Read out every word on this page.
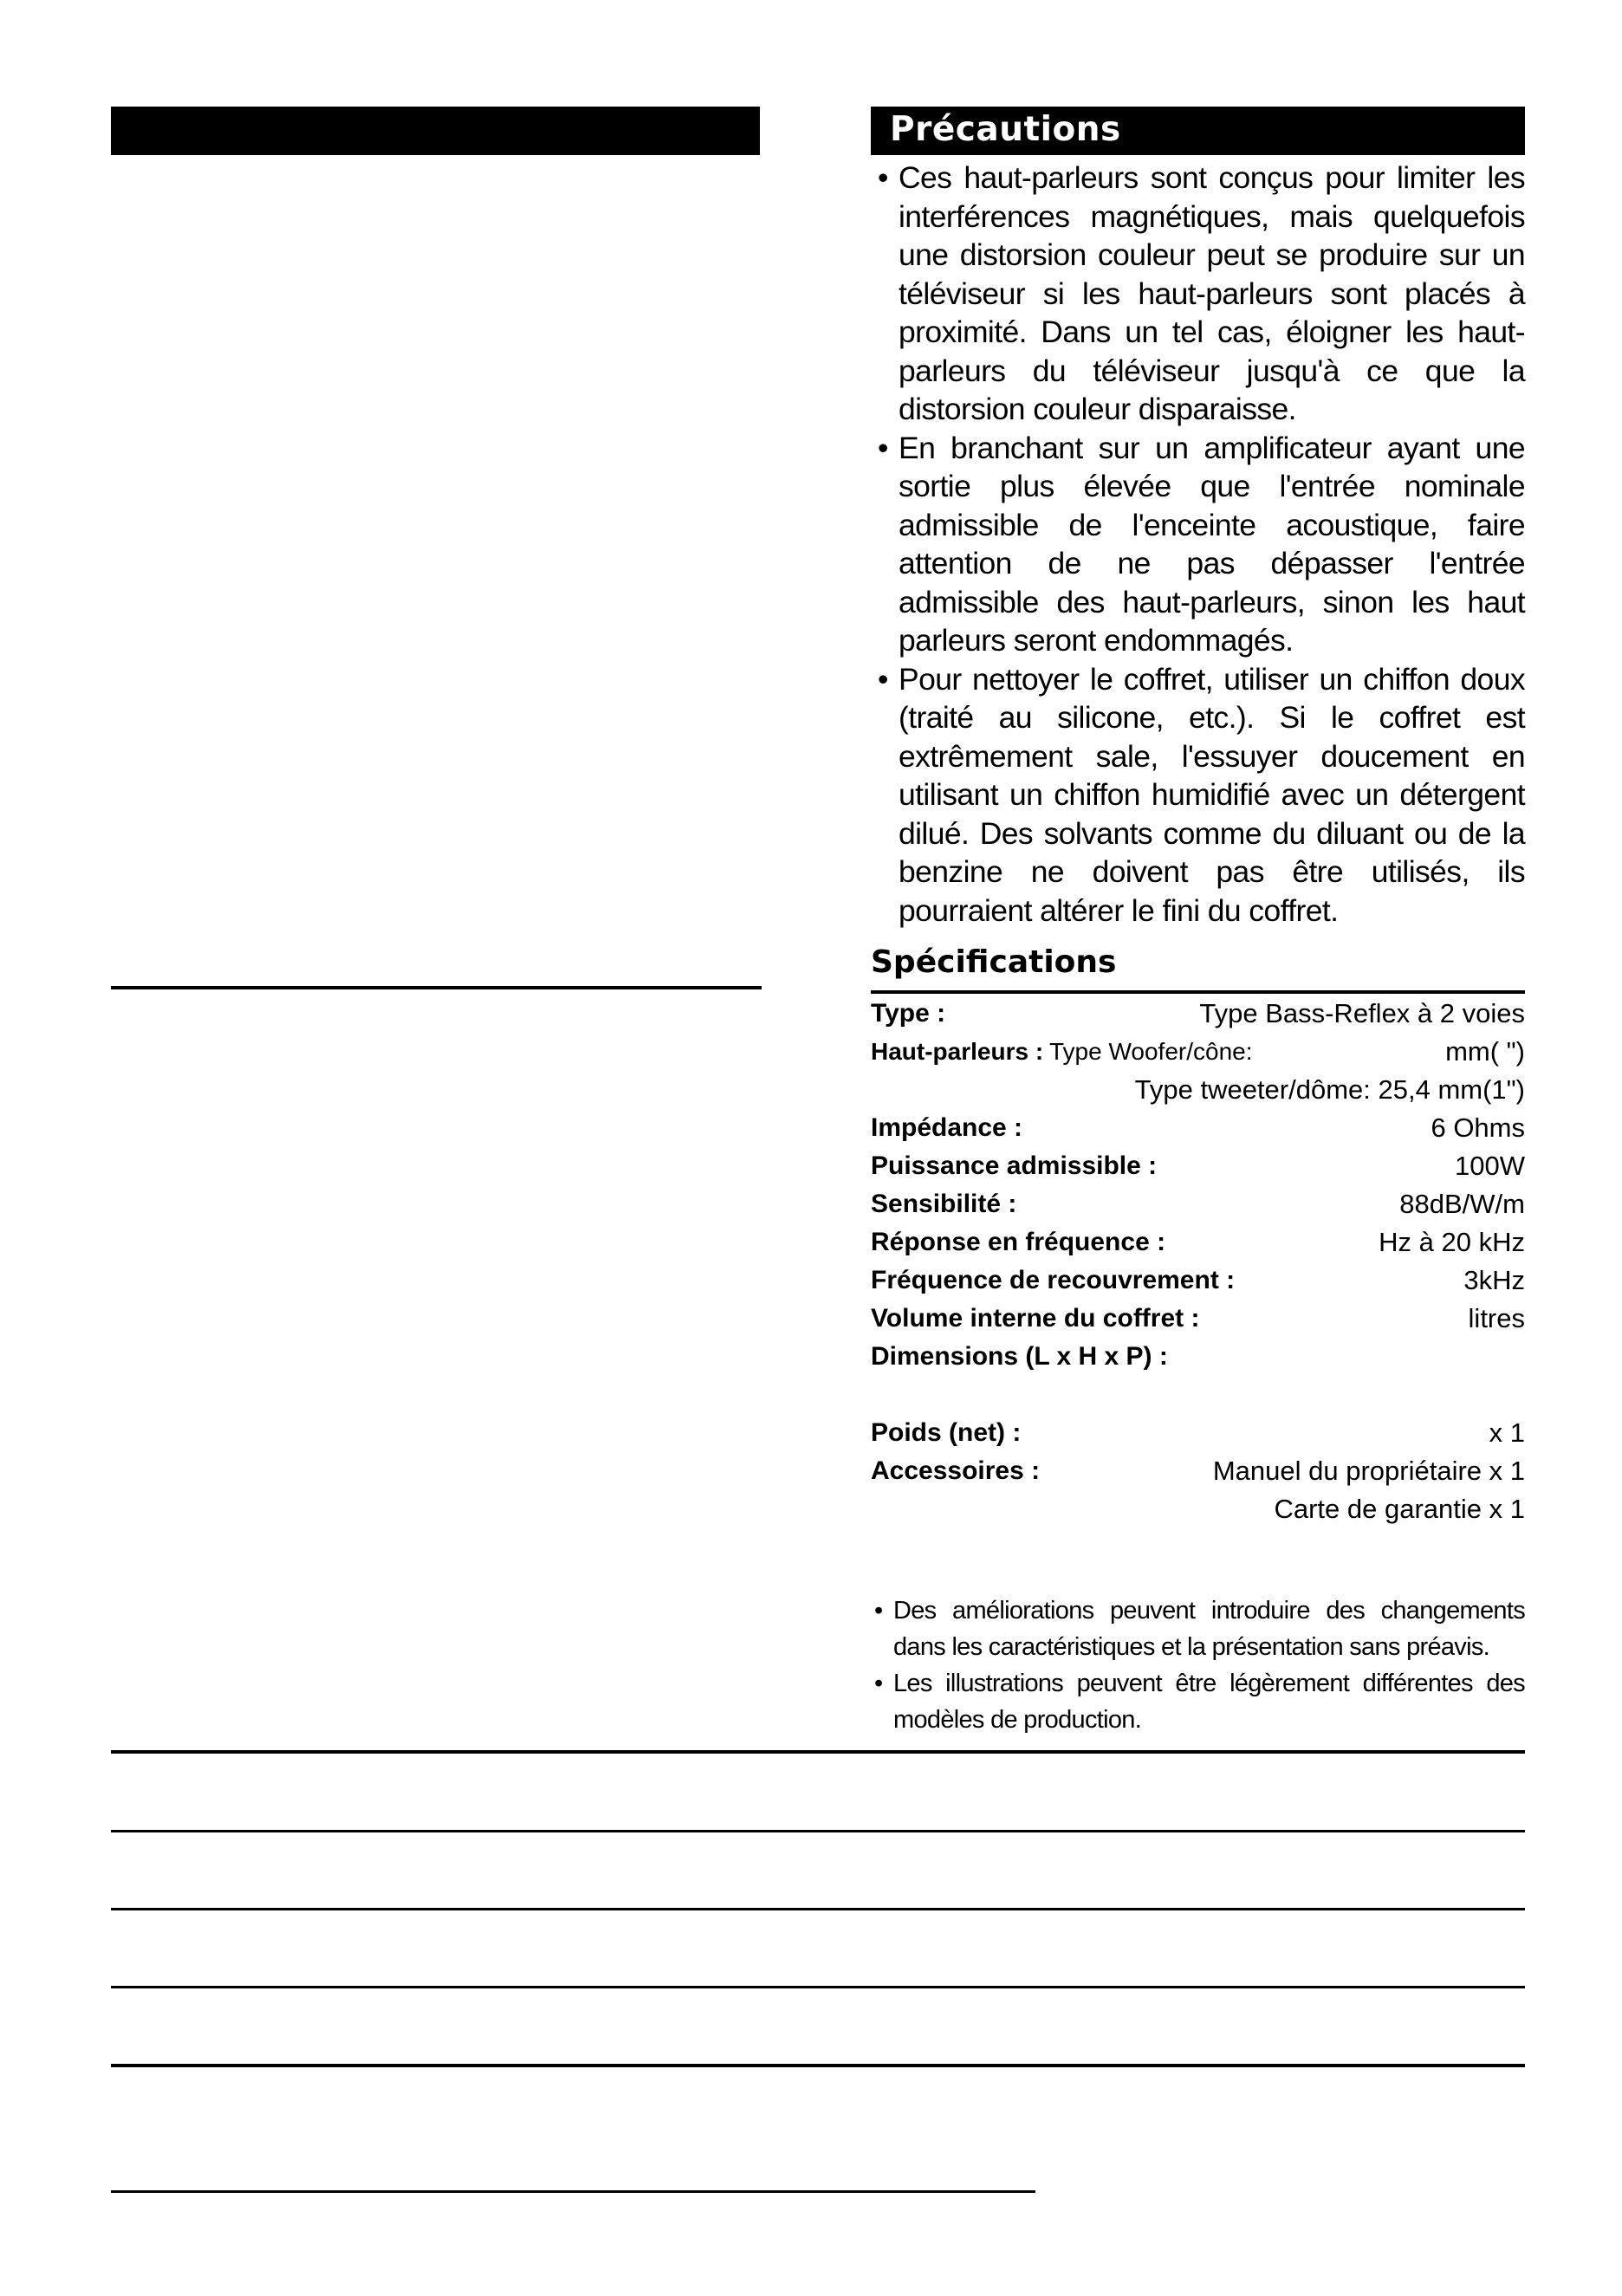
Précautions
• Ces haut-parleurs sont conçus pour limiter les interférences magnétiques, mais quelquefois une distorsion couleur peut se produire sur un téléviseur si les haut-parleurs sont placés à proximité. Dans un tel cas, éloigner les haut-parleurs du téléviseur jusqu'à ce que la distorsion couleur disparaisse.
• En branchant sur un amplificateur ayant une sortie plus élevée que l'entrée nominale admissible de l'enceinte acoustique, faire attention de ne pas dépasser l'entrée admissible des haut-parleurs, sinon les haut parleurs seront endommagés.
• Pour nettoyer le coffret, utiliser un chiffon doux (traité au silicone, etc.). Si le coffret est extrêmement sale, l'essuyer doucement en utilisant un chiffon humidifié avec un détergent dilué. Des solvants comme du diluant ou de la benzine ne doivent pas être utilisés, ils pourraient altérer le fini du coffret.
Spécifications
Type :	Type Bass-Reflex à 2 voies
Haut-parleurs : Type Woofer/cône:	mm( ")
Type tweeter/dôme: 25,4 mm(1")
Impédance :	6 Ohms
Puissance admissible :	100W
Sensibilité :	88dB/W/m
Réponse en fréquence :	Hz à 20 kHz
Fréquence de recouvrement :	3kHz
Volume interne du coffret :	litres
Dimensions (L x H x P) :
Poids (net) :	x 1
Accessoires :	Manuel du propriétaire x 1
Carte de garantie x 1
• Des améliorations peuvent introduire des changements dans les caractéristiques et la présentation sans préavis.
• Les illustrations peuvent être légèrement différentes des modèles de production.
